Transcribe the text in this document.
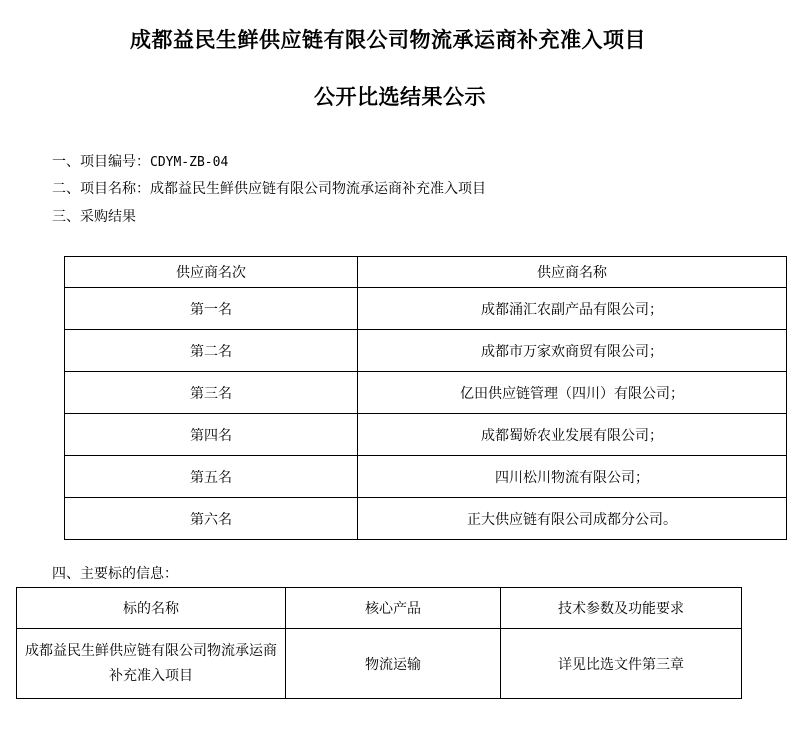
成都益民生鲜供应链有限公司物流承运商补充准入项目
公开比选结果公示
一、项目编号：CDYM-ZB-04
二、项目名称：成都益民生鲜供应链有限公司物流承运商补充准入项目
三、采购结果
供应商名次	供应商名称
第一名	成都涌汇农副产品有限公司；
第二名	成都市万家欢商贸有限公司；
第三名	亿田供应链管理（四川）有限公司；
第四名	成都蜀娇农业发展有限公司；
第五名	四川松川物流有限公司；
第六名	正大供应链有限公司成都分公司。
四、主要标的信息：
标的名称	核心产品	技术参数及功能要求
成都益民生鲜供应链有限公司物流承运商补充准入项目	物流运输	详见比选文件第三章
